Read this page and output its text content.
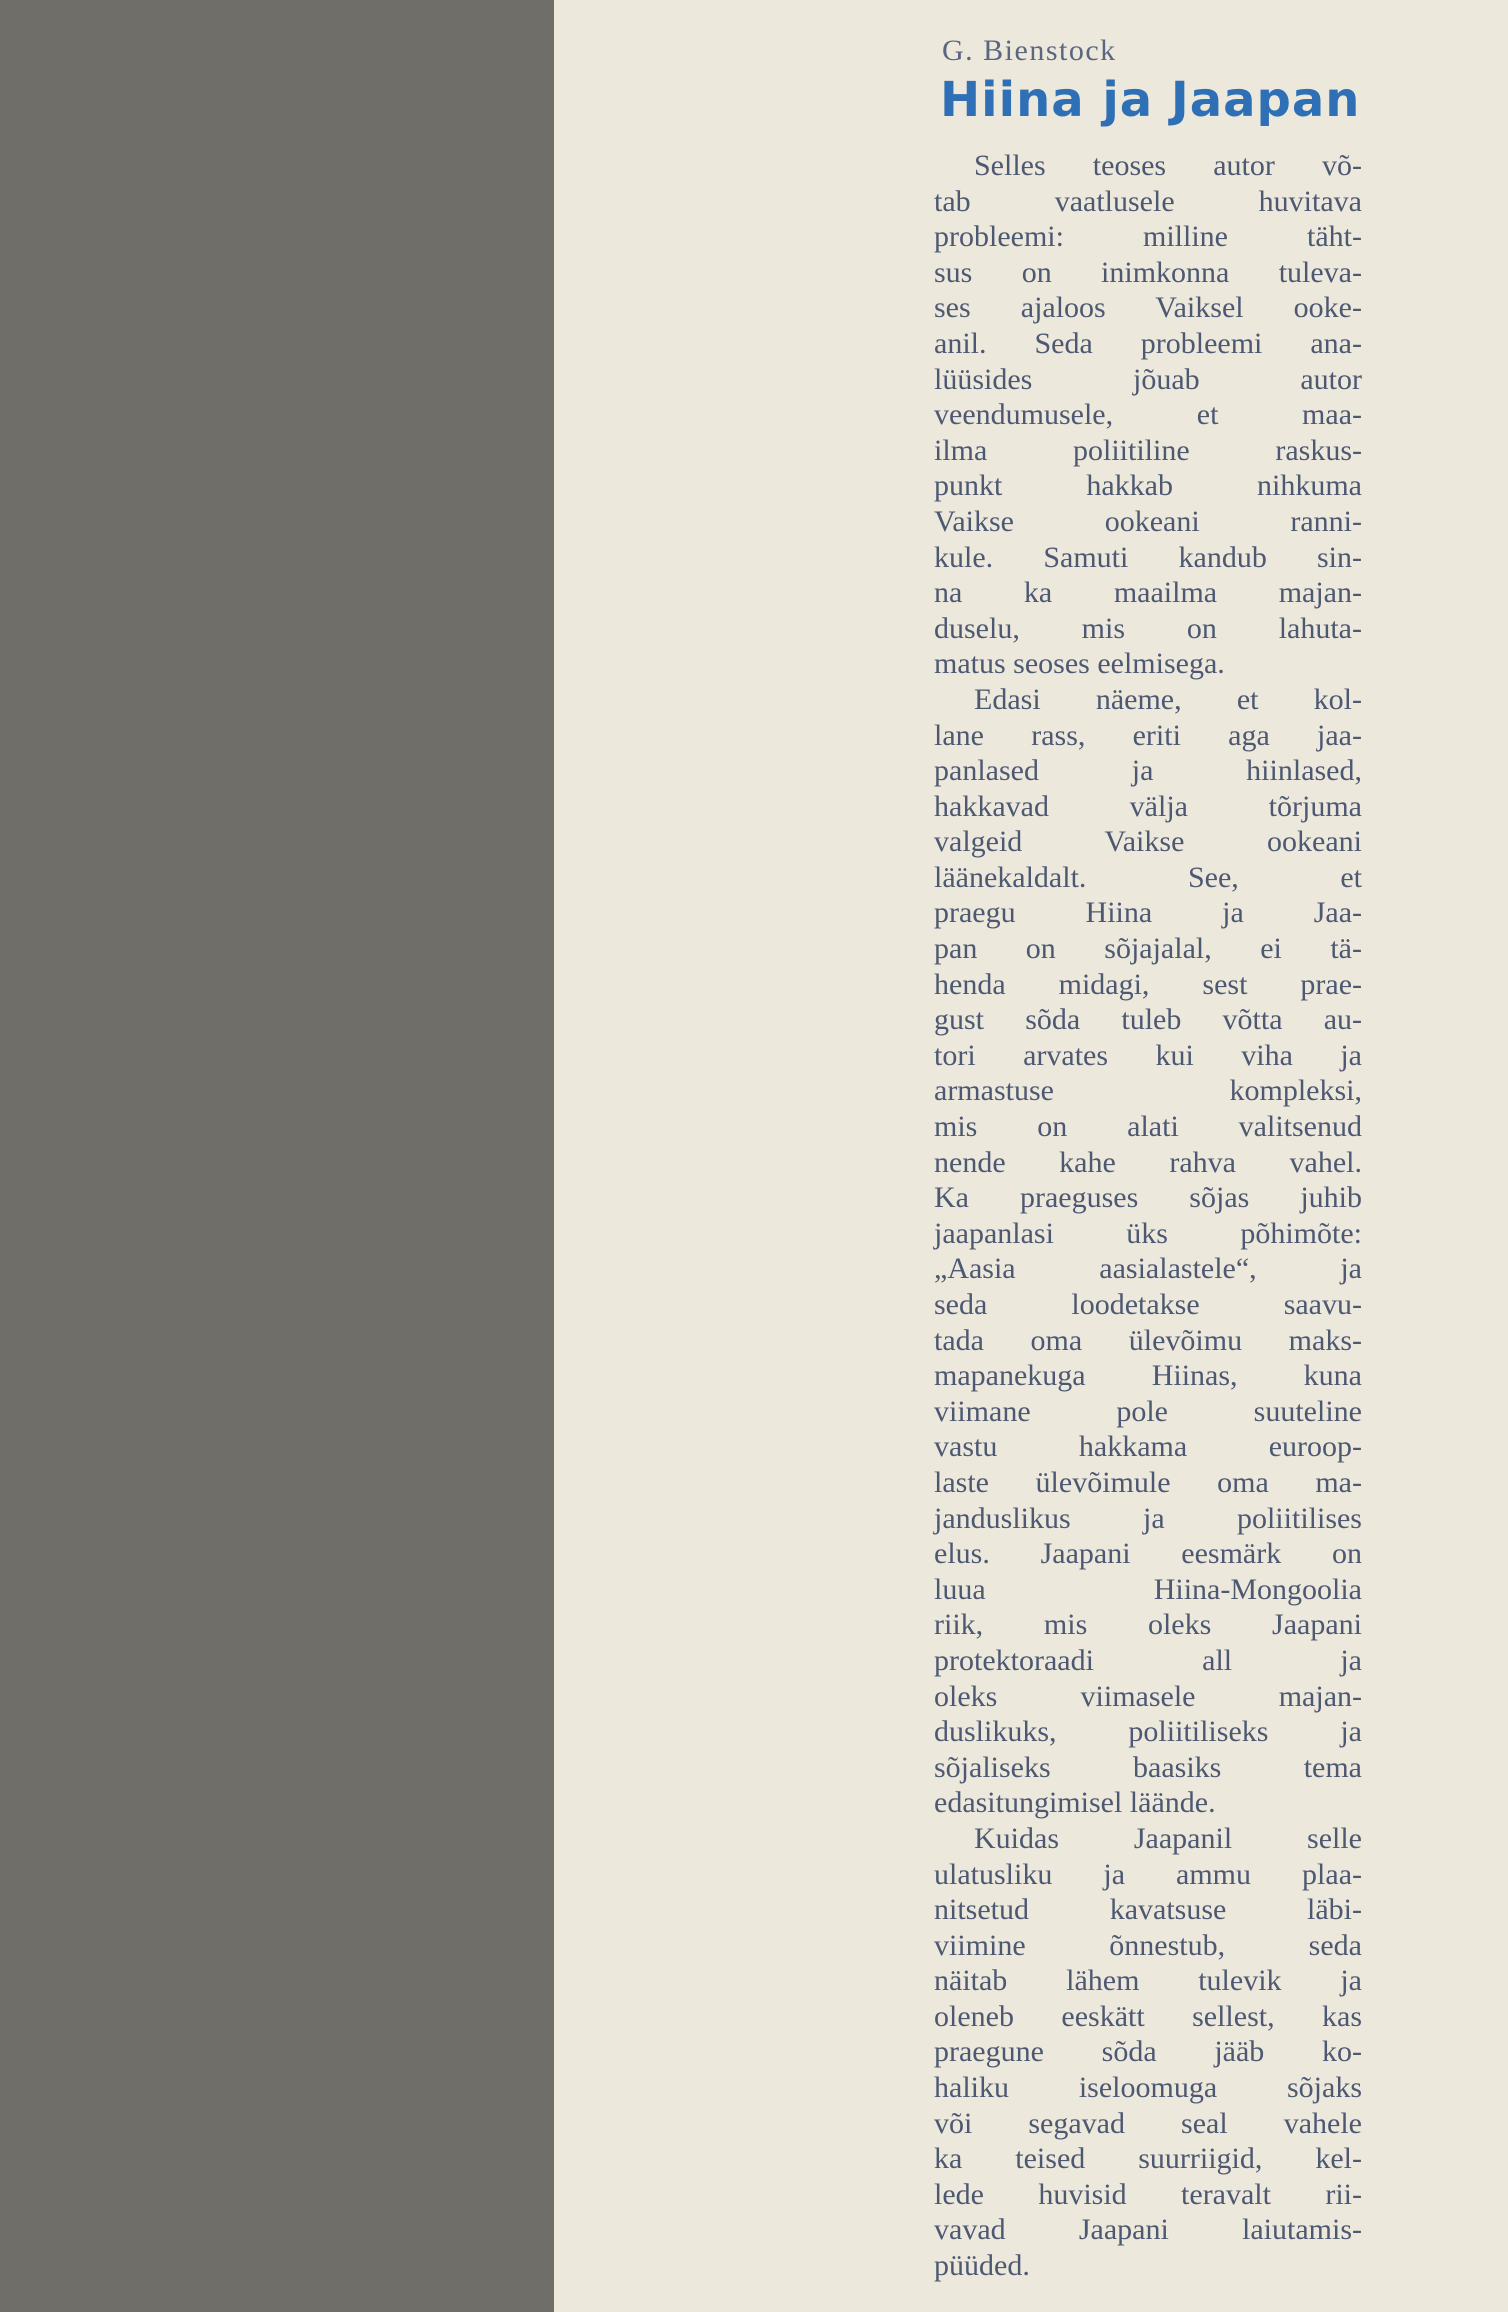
G. Bienstock
Hiina ja Jaapan
Selles teoses autor võ-
tab vaatlusele huvitava
probleemi: milline täht-
sus on inimkonna tuleva-
ses ajaloos Vaiksel ooke-
anil. Seda probleemi ana-
lüüsides jõuab autor
veendumusele, et maa-
ilma poliitiline raskus-
punkt hakkab nihkuma
Vaikse ookeani ranni-
kule. Samuti kandub sin-
na ka maailma majan-
duselu, mis on lahuta-
matus seoses eelmisega.
Edasi näeme, et kol-
lane rass, eriti aga jaa-
panlased ja hiinlased,
hakkavad välja tõrjuma
valgeid Vaikse ookeani
läänekaldalt. See, et
praegu Hiina ja Jaa-
pan on sõjajalal, ei tä-
henda midagi, sest prae-
gust sõda tuleb võtta au-
tori arvates kui viha ja
armastuse kompleksi,
mis on alati valitsenud
nende kahe rahva vahel.
Ka praeguses sõjas juhib
jaapanlasi üks põhimõte:
„Aasia aasialastele“, ja
seda loodetakse saavu-
tada oma ülevõimu maks-
mapanekuga Hiinas, kuna
viimane pole suuteline
vastu hakkama euroop-
laste ülevõimule oma ma-
janduslikus ja poliitilises
elus. Jaapani eesmärk on
luua Hiina-Mongoolia
riik, mis oleks Jaapani
protektoraadi all ja
oleks viimasele majan-
duslikuks, poliitiliseks ja
sõjaliseks baasiks tema
edasitungimisel läände.
Kuidas Jaapanil selle
ulatusliku ja ammu plaa-
nitsetud kavatsuse läbi-
viimine õnnestub, seda
näitab lähem tulevik ja
oleneb eeskätt sellest, kas
praegune sõda jääb ko-
haliku iseloomuga sõjaks
või segavad seal vahele
ka teised suurriigid, kel-
lede huvisid teravalt rii-
vavad Jaapani laiutamis-
püüded.
